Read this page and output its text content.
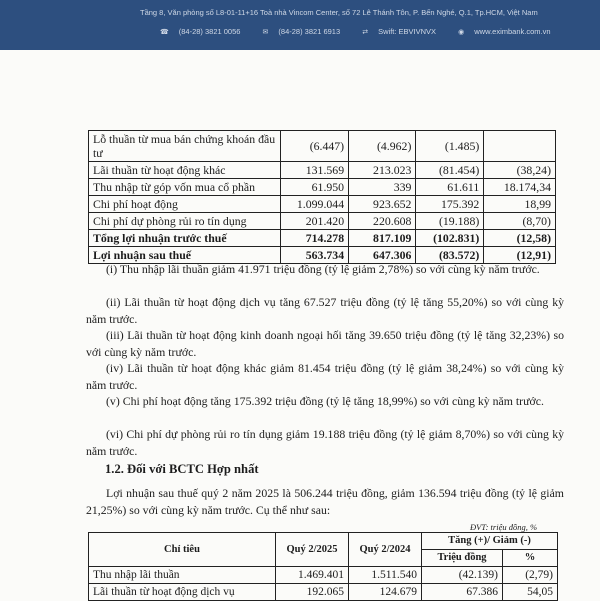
Tầng 8, Văn phòng số L8-01-11+16 Toà nhà Vincom Center, số 72 Lê Thánh Tôn, P. Bến Nghé, Q.1, Tp.HCM, Việt Nam
☎ (84-28) 3821 0056	✉ (84-28) 3821 6913	⇄ Swift: EBVIVNVX	◉ www.eximbank.com.vn
Lỗ thuần từ mua bán chứng khoán đầu tư	(6.447)	(4.962)	(1.485)	
Lãi thuần từ hoạt động khác	131.569	213.023	(81.454)	(38,24)
Thu nhập từ góp vốn mua cổ phần	61.950	339	61.611	18.174,34
Chi phí hoạt động	1.099.044	923.652	175.392	18,99
Chi phí dự phòng rủi ro tín dụng	201.420	220.608	(19.188)	(8,70)
Tổng lợi nhuận trước thuế	714.278	817.109	(102.831)	(12,58)
Lợi nhuận sau thuế	563.734	647.306	(83.572)	(12,91)

(i) Thu nhập lãi thuần giảm 41.971 triệu đồng (tỷ lệ giảm 2,78%) so với cùng kỳ năm trước.

(ii) Lãi thuần từ hoạt động dịch vụ tăng 67.527 triệu đồng (tỷ lệ tăng 55,20%) so với cùng kỳ năm trước.

(iii) Lãi thuần từ hoạt động kinh doanh ngoại hối tăng 39.650 triệu đồng (tỷ lệ tăng 32,23%) so với cùng kỳ năm trước.

(iv) Lãi thuần từ hoạt động khác giảm 81.454 triệu đồng (tỷ lệ giảm 38,24%) so với cùng kỳ năm trước.

(v) Chi phí hoạt động tăng 175.392 triệu đồng (tỷ lệ tăng 18,99%) so với cùng kỳ năm trước.

(vi) Chi phí dự phòng rủi ro tín dụng giảm 19.188 triệu đồng (tỷ lệ giảm 8,70%) so với cùng kỳ năm trước.

1.2. Đối với BCTC Hợp nhất

Lợi nhuận sau thuế quý 2 năm 2025 là 506.244 triệu đồng, giảm 136.594 triệu đồng (tỷ lệ giảm 21,25%) so với cùng kỳ năm trước. Cụ thể như sau:

ĐVT: triệu đồng, %
Chỉ tiêu	Quý 2/2025	Quý 2/2024	Tăng (+)/ Giảm (-)	
			Triệu đồng	%
Thu nhập lãi thuần	1.469.401	1.511.540	(42.139)	(2,79)
Lãi thuần từ hoạt động dịch vụ	192.065	124.679	67.386	54,05
